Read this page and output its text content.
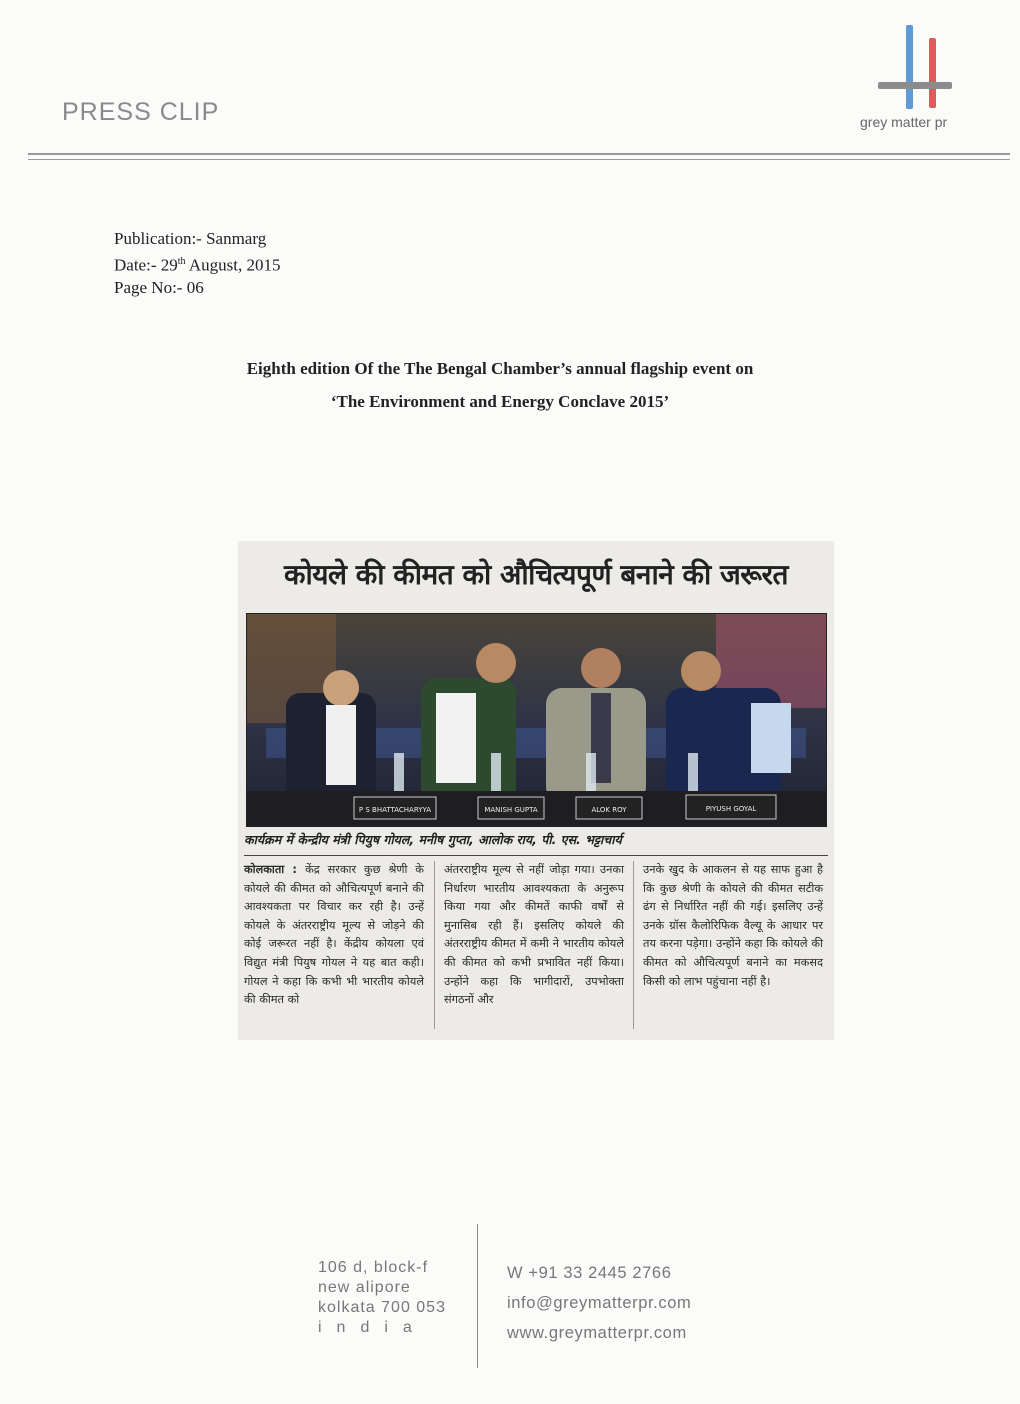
PRESS CLIP	grey matter pr
Publication:- Sanmarg
Date:- 29th August, 2015
Page No:- 06
Eighth edition Of the The Bengal Chamber’s annual flagship event on
‘The Environment and Energy Conclave 2015’
कोयले की कीमत को औचित्यपूर्ण बनाने की जरूरत
P S BHATTACHARYYA	MANISH GUPTA	ALOK ROY	PIYUSH GOYAL
कार्यक्रम में केन्द्रीय मंत्री पियुष गोयल, मनीष गुप्ता, आलोक राय, पी. एस. भट्टाचार्य
कोलकाता : केंद्र सरकार कुछ श्रेणी के कोयले की कीमत को औचित्यपूर्ण बनाने की आवश्यकता पर विचार कर रही है। उन्हें कोयले के अंतरराष्ट्रीय मूल्य से जोड़ने की कोई जरूरत नहीं है। केंद्रीय कोयला एवं विद्युत मंत्री पियुष गोयल ने यह बात कही। गोयल ने कहा कि कभी भी भारतीय कोयले की कीमत को
अंतरराष्ट्रीय मूल्य से नहीं जोड़ा गया। उनका निर्धारण भारतीय आवश्यकता के अनुरूप किया गया और कीमतें काफी वर्षों से मुनासिब रही हैं। इसलिए कोयले की अंतरराष्ट्रीय कीमत में कमी ने भारतीय कोयले की कीमत को कभी प्रभावित नहीं किया। उन्होंने कहा कि भागीदारों, उपभोक्ता संगठनों और
उनके खुद के आकलन से यह साफ हुआ है कि कुछ श्रेणी के कोयले की कीमत सटीक ढंग से निर्धारित नहीं की गई। इसलिए उन्हें उनके ग्रॉस कैलोरिफिक वैल्यू के आधार पर तय करना पड़ेगा। उन्होंने कहा कि कोयले की कीमत को औचित्यपूर्ण बनाने का मकसद किसी को लाभ पहुंचाना नहीं है।
106 d, block-f
new alipore
kolkata 700 053
india
W +91 33 2445 2766
info@greymatterpr.com
www.greymatterpr.com
